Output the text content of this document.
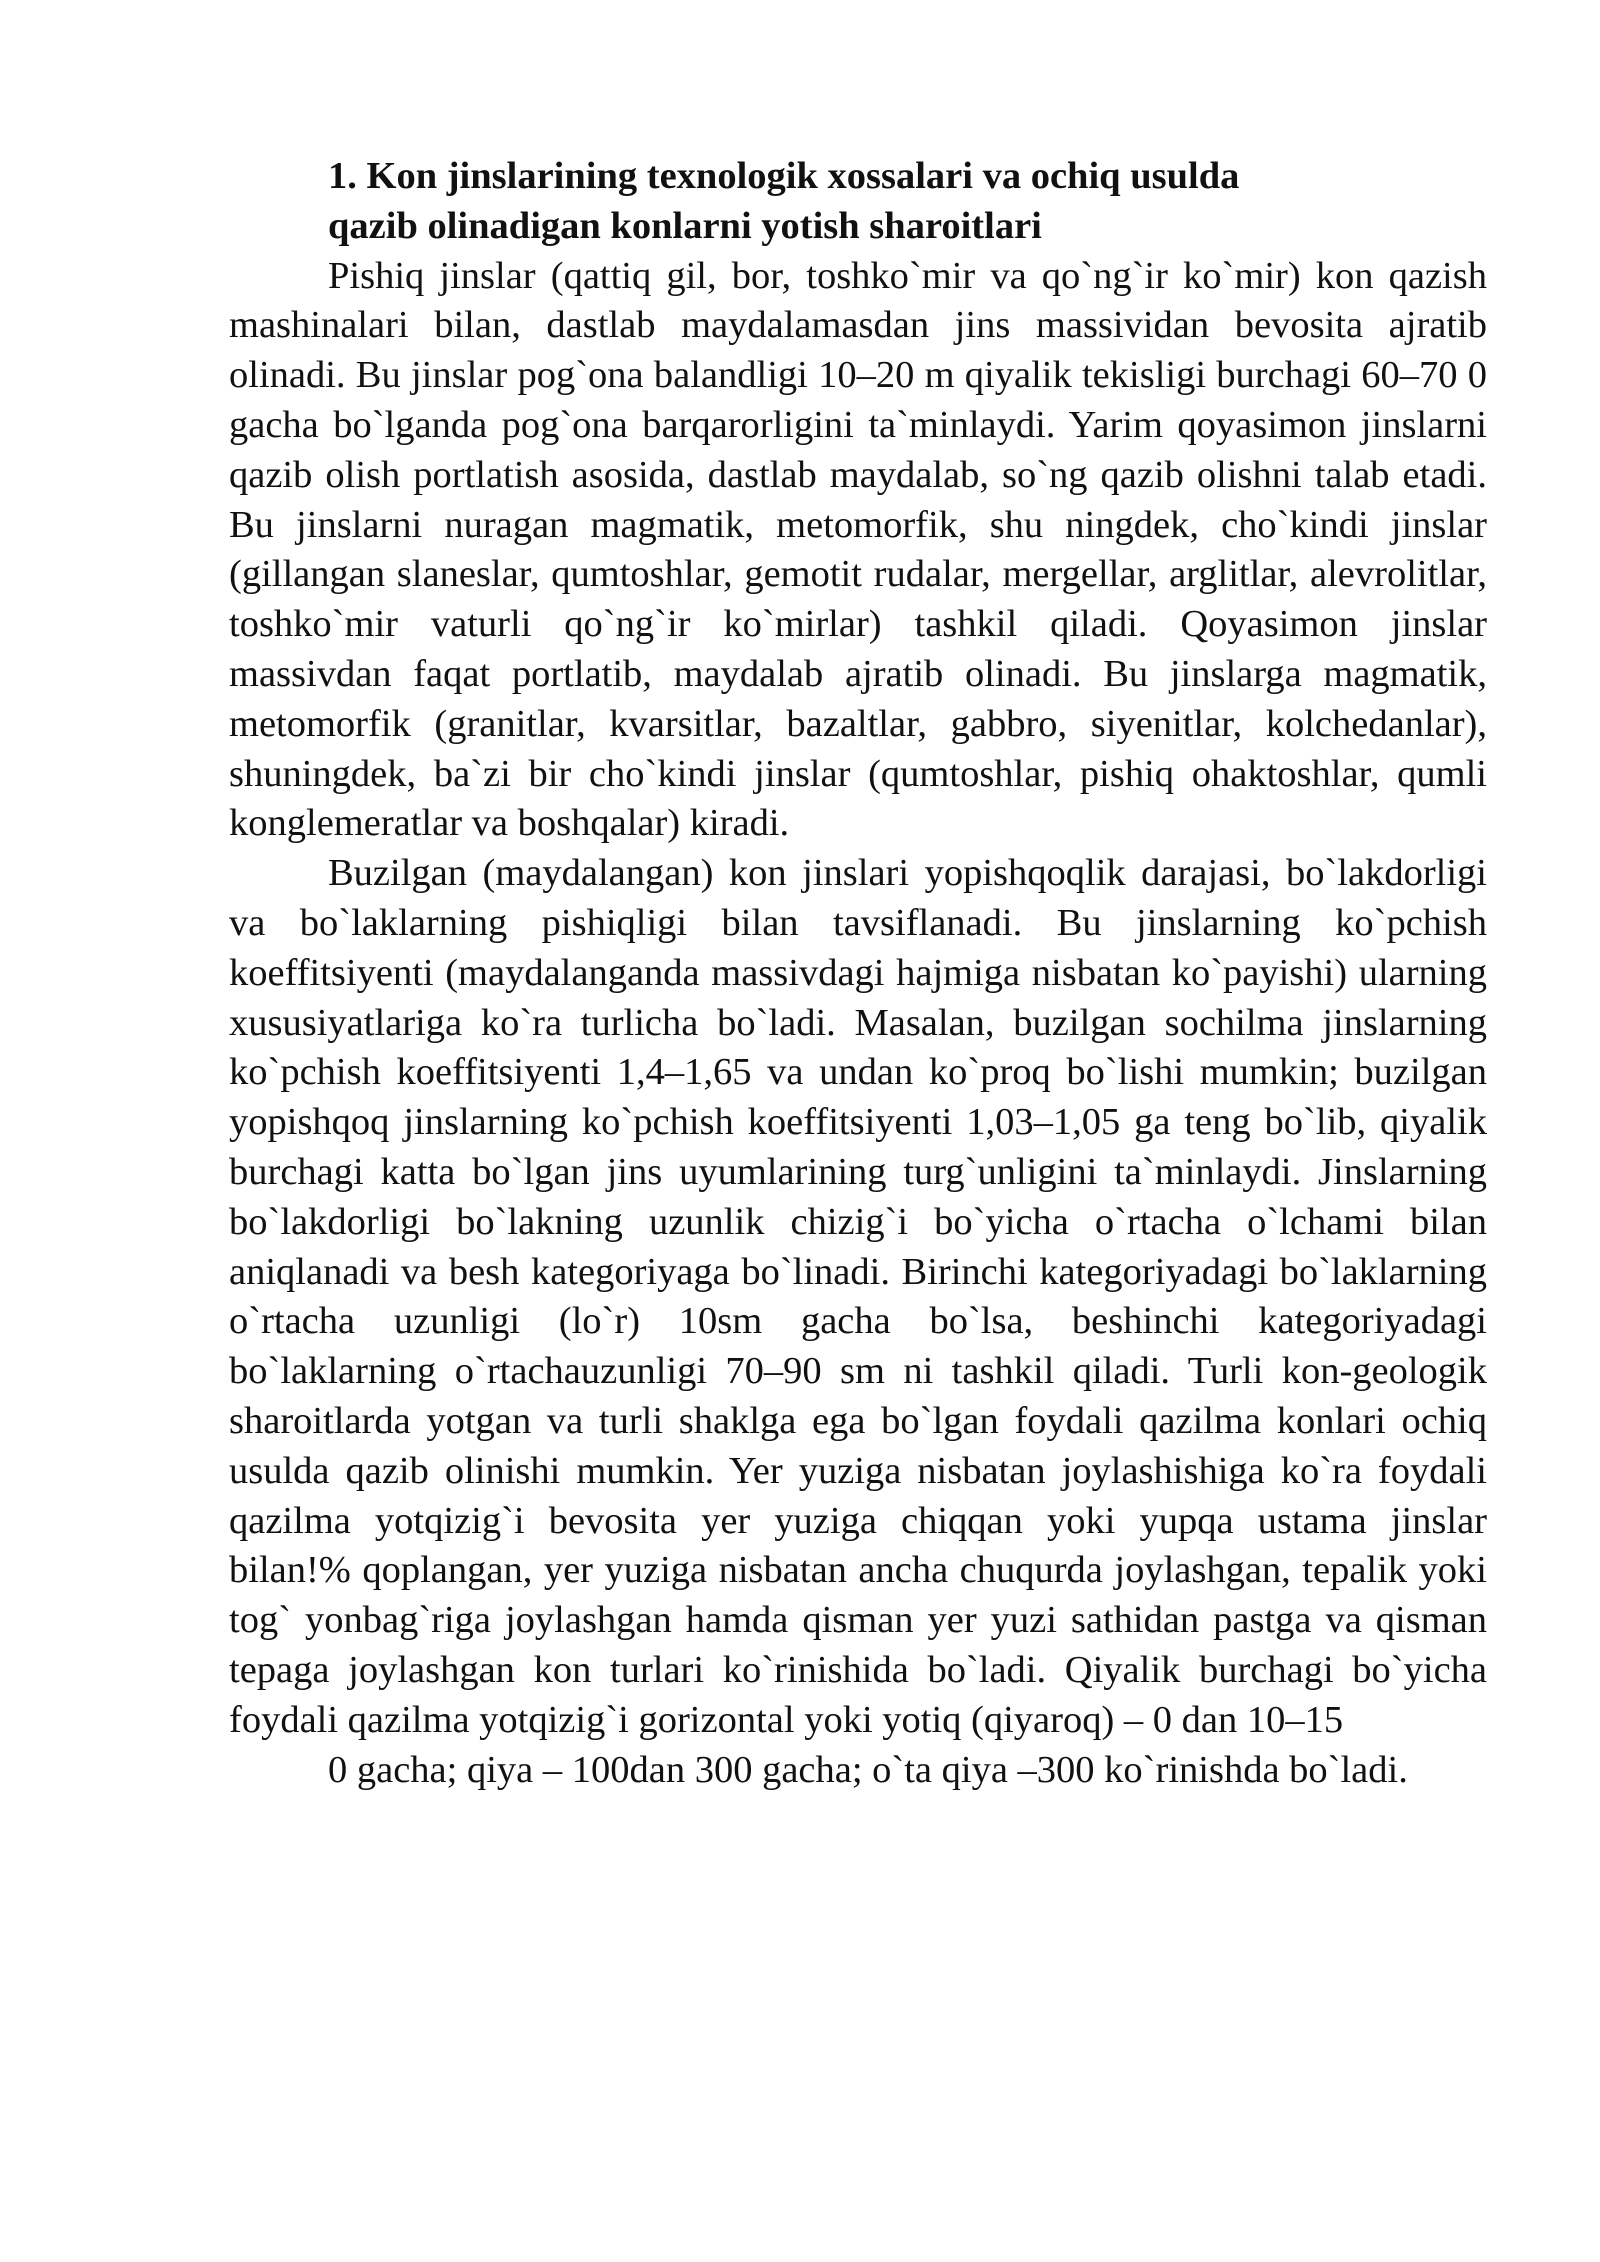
1. Kon jinslarining texnologik xossalari va ochiq usulda
qazib olinadigan konlarni yotish sharoitlari

Pishiq jinslar (qattiq gil, bor, toshko`mir va qo`ng`ir ko`mir) kon qazish mashinalari bilan, dastlab maydalamasdan jins massividan bevosita ajratib olinadi. Bu jinslar pog`ona balandligi 10–20 m qiyalik tekisligi burchagi 60–70 0 gacha bo`lganda pog`ona barqarorligini ta`minlaydi. Yarim qoyasimon jinslarni qazib olish portlatish asosida, dastlab maydalab, so`ng qazib olishni talab etadi. Bu jinslarni nuragan magmatik, metomorfik, shu ningdek, cho`kindi jinslar (gillangan slaneslar, qumtoshlar, gemotit rudalar, mergellar, arglitlar, alevrolitlar, toshko`mir vaturli qo`ng`ir ko`mirlar) tashkil qiladi. Qoyasimon jinslar massivdan faqat portlatib, maydalab ajratib olinadi. Bu jinslarga magmatik, metomorfik (granitlar, kvarsitlar, bazaltlar, gabbro, siyenitlar, kolchedanlar), shuningdek, ba`zi bir cho`kindi jinslar (qumtoshlar, pishiq ohaktoshlar, qumli konglemeratlar va boshqalar) kiradi.

Buzilgan (maydalangan) kon jinslari yopishqoqlik darajasi, bo`lakdorligi va bo`laklarning pishiqligi bilan tavsiflanadi. Bu jinslarning ko`pchish koeffitsiyenti (maydalanganda massivdagi hajmiga nisbatan ko`payishi) ularning xususiyatlariga ko`ra turlicha bo`ladi. Masalan, buzilgan sochilma jinslarning ko`pchish koeffitsiyenti 1,4–1,65 va undan ko`proq bo`lishi mumkin; buzilgan yopishqoq jinslarning ko`pchish koeffitsiyenti 1,03–1,05 ga teng bo`lib, qiyalik burchagi katta bo`lgan jins uyumlarining turg`unligini ta`minlaydi. Jinslarning bo`lakdorligi bo`lakning uzunlik chizig`i bo`yicha o`rtacha o`lchami bilan aniqlanadi va besh kategoriyaga bo`linadi. Birinchi kategoriyadagi bo`laklarning o`rtacha uzunligi (lo`r) 10sm gacha bo`lsa, beshinchi kategoriyadagi bo`laklarning o`rtachauzunligi 70–90 sm ni tashkil qiladi. Turli kon-geologik sharoitlarda yotgan va turli shaklga ega bo`lgan foydali qazilma konlari ochiq usulda qazib olinishi mumkin. Yer yuziga nisbatan joylashishiga ko`ra foydali qazilma yotqizig`i bevosita yer yuziga chiqqan yoki yupqa ustama jinslar bilan!% qoplangan, yer yuziga nisbatan ancha chuqurda joylashgan, tepalik yoki tog` yonbag`riga joylashgan hamda qisman yer yuzi sathidan pastga va qisman tepaga joylashgan kon turlari ko`rinishida bo`ladi. Qiyalik burchagi bo`yicha foydali qazilma yotqizig`i gorizontal yoki yotiq (qiyaroq) – 0 dan 10–15

0 gacha; qiya – 100dan 300 gacha; o`ta qiya –300 ko`rinishda bo`ladi.
